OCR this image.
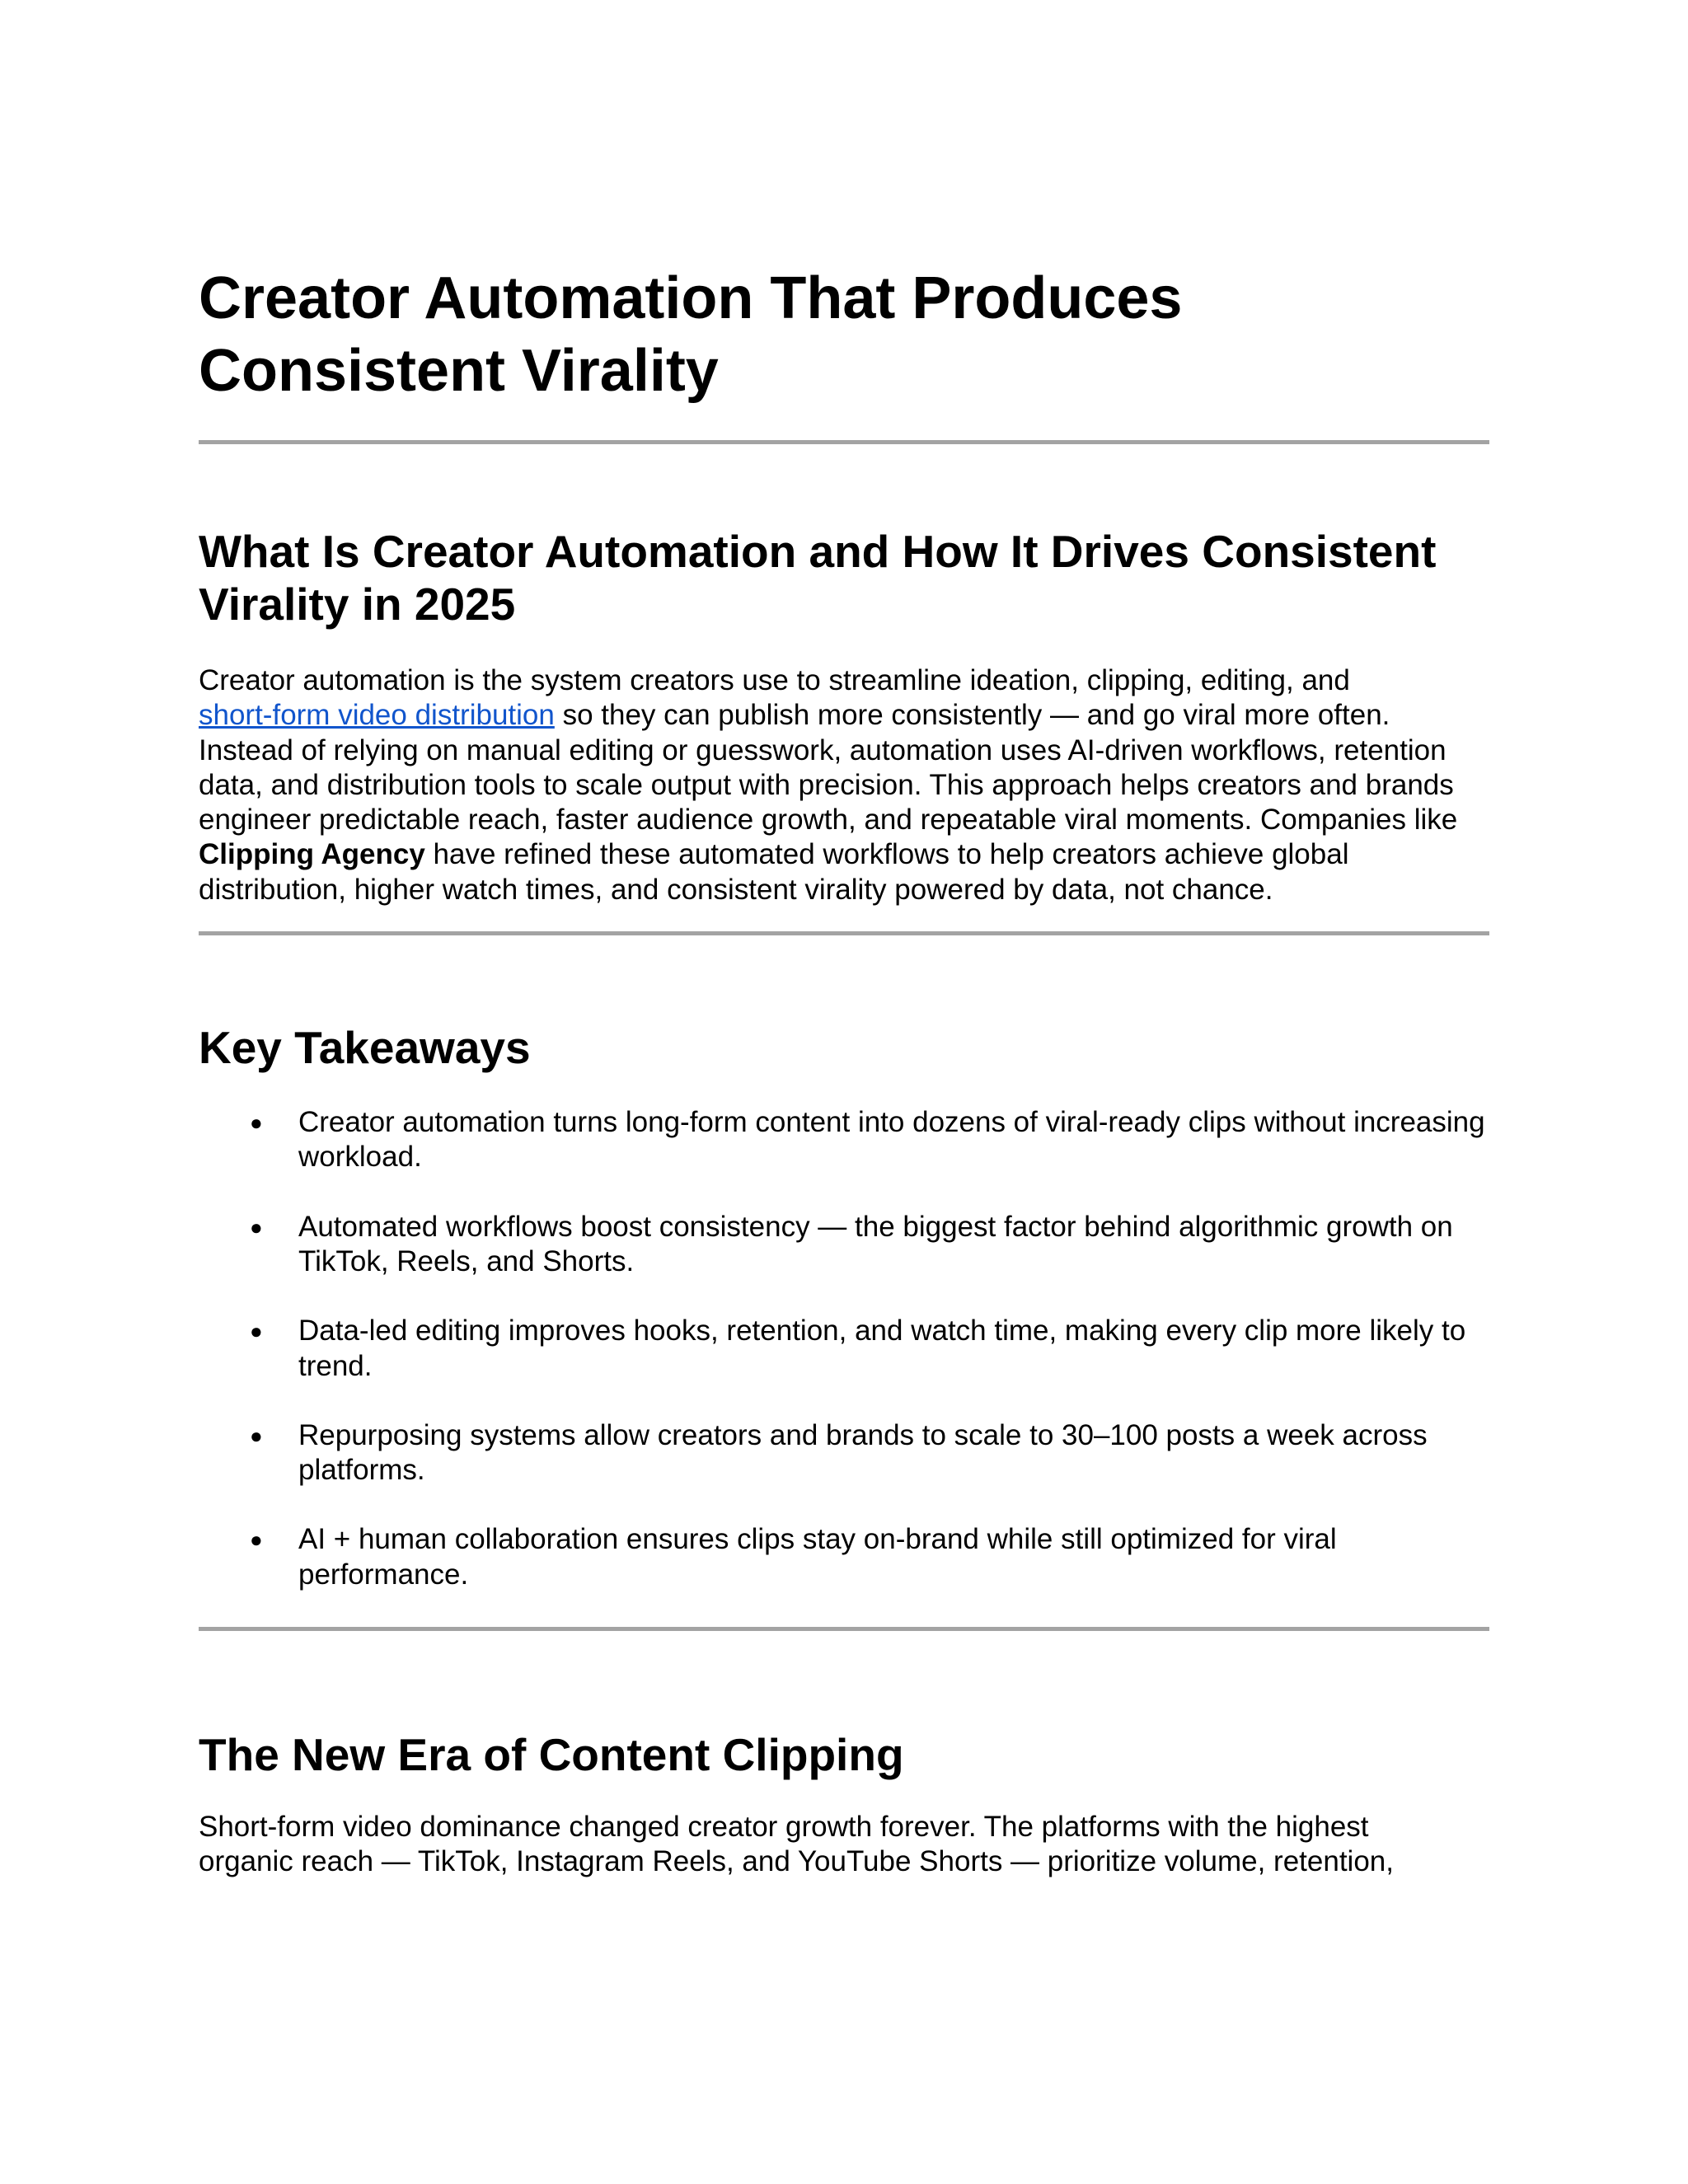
Creator Automation That Produces
Consistent Virality
What Is Creator Automation and How It Drives Consistent
Virality in 2025

Creator automation is the system creators use to streamline ideation, clipping, editing, and
short-form video distribution so they can publish more consistently — and go viral more often. Instead of relying on manual editing or guesswork, automation uses AI-driven workflows, retention data, and distribution tools to scale output with precision. This approach helps creators and brands engineer predictable reach, faster audience growth, and repeatable viral moments. Companies like Clipping Agency have refined these automated workflows to help creators achieve global distribution, higher watch times, and consistent virality powered by data, not chance.

Key Takeaways
● Creator automation turns long-form content into dozens of viral-ready clips without increasing workload.
● Automated workflows boost consistency — the biggest factor behind algorithmic growth on TikTok, Reels, and Shorts.
● Data-led editing improves hooks, retention, and watch time, making every clip more likely to trend.
● Repurposing systems allow creators and brands to scale to 30–100 posts a week across platforms.
● AI + human collaboration ensures clips stay on-brand while still optimized for viral performance.
The New Era of Content Clipping

Short-form video dominance changed creator growth forever. The platforms with the highest
organic reach — TikTok, Instagram Reels, and YouTube Shorts — prioritize volume, retention,
